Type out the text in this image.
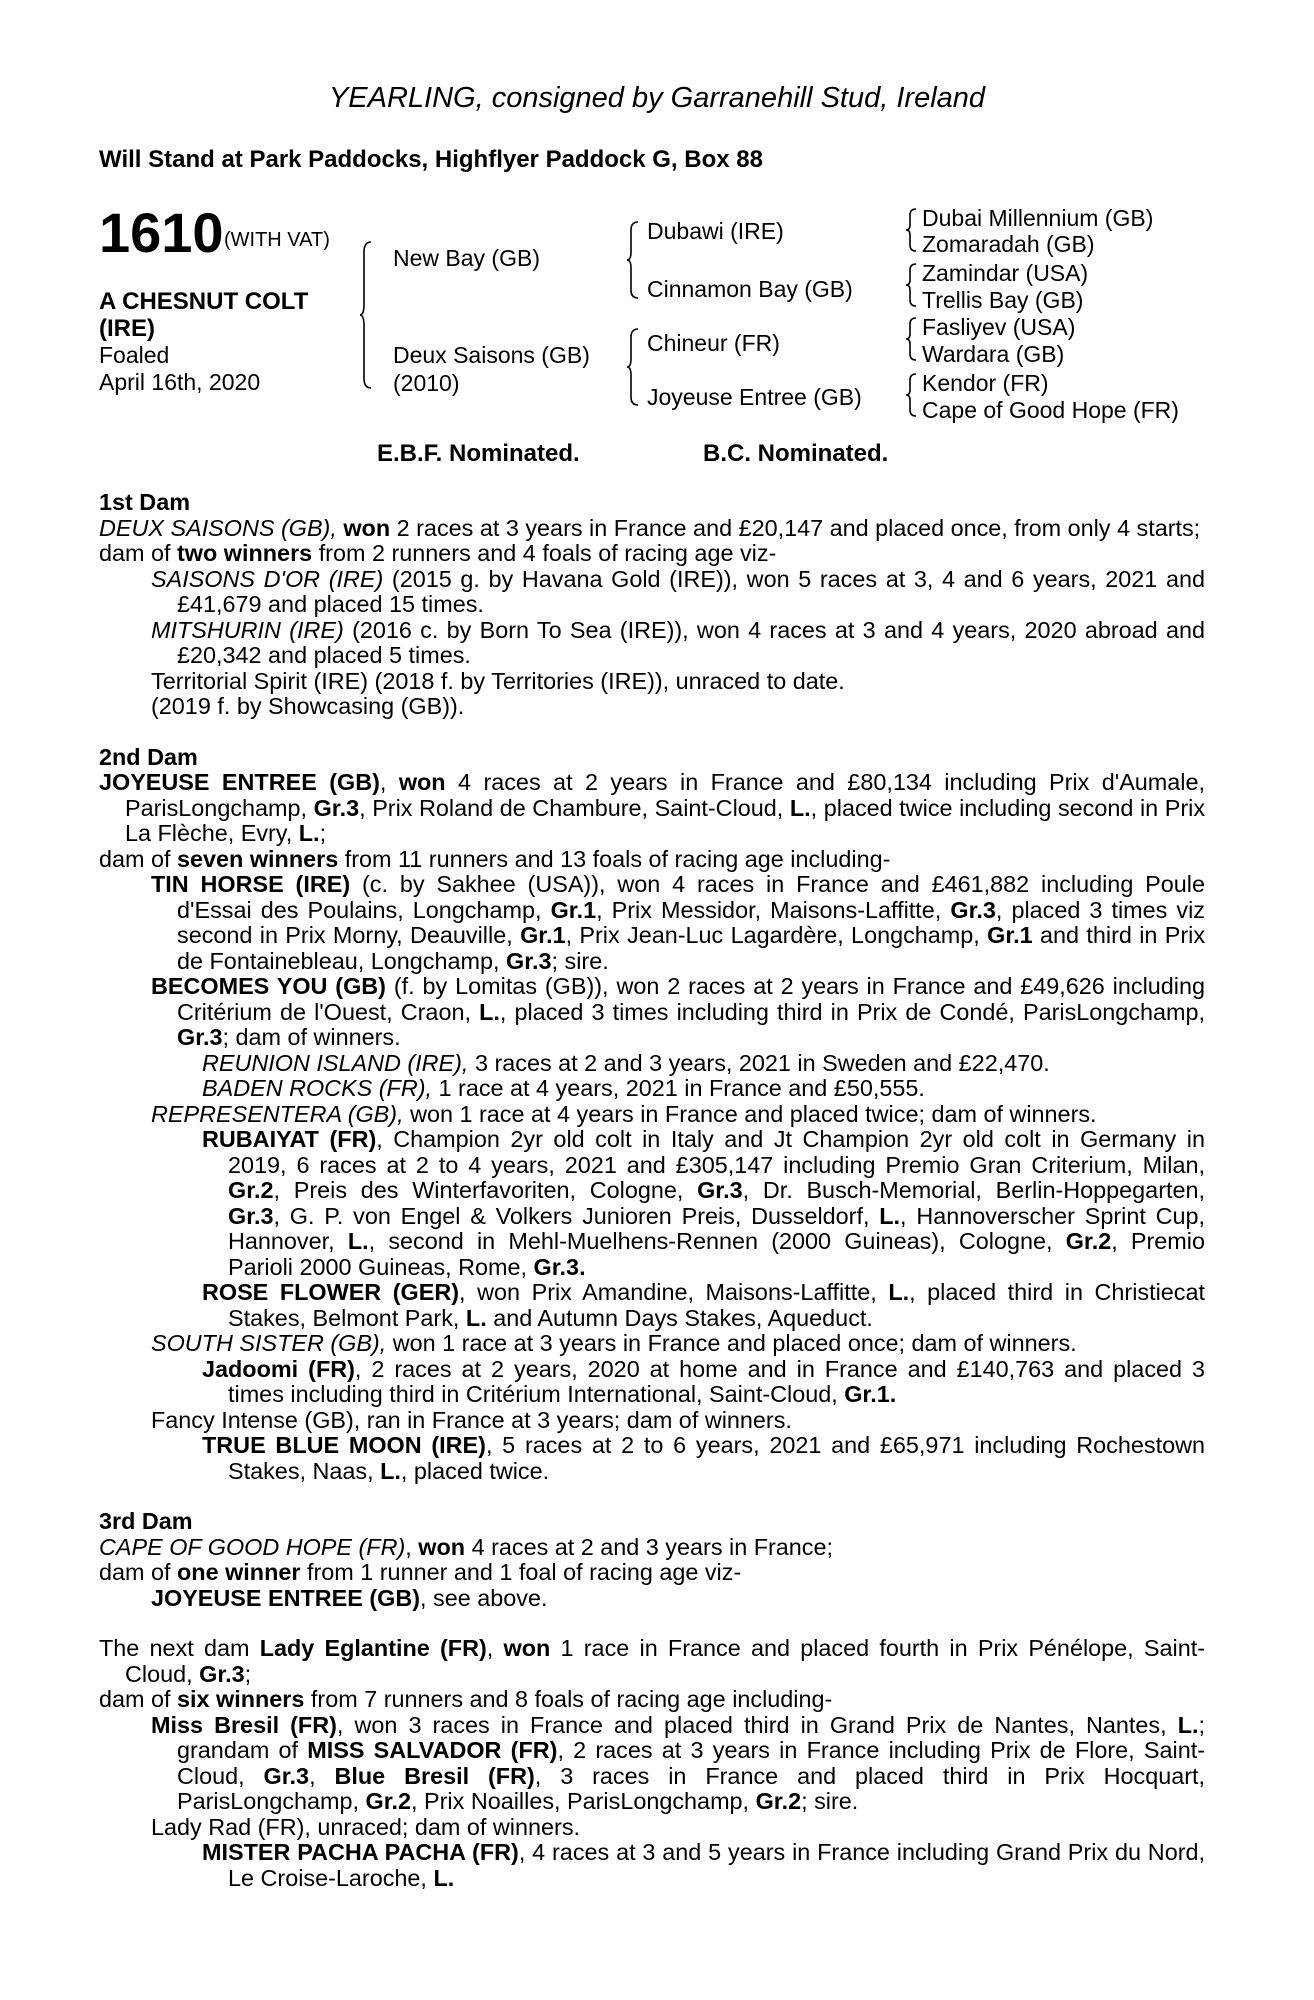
YEARLING, consigned by Garranehill Stud, Ireland
Will Stand at Park Paddocks, Highflyer Paddock G, Box 88
1610 (WITH VAT)
A CHESNUT COLT
(IRE)
Foaled
April 16th, 2020
New Bay (GB)
Deux Saisons (GB)
(2010)
Dubawi (IRE)
Cinnamon Bay (GB)
Chineur (FR)
Joyeuse Entree (GB)
Dubai Millennium (GB)
Zomaradah (GB)
Zamindar (USA)
Trellis Bay (GB)
Fasliyev (USA)
Wardara (GB)
Kendor (FR)
Cape of Good Hope (FR)
E.B.F. Nominated.	B.C. Nominated.
1st Dam

DEUX SAISONS (GB), won 2 races at 3 years in France and £20,147 and placed once, from only 4 starts;

dam of two winners from 2 runners and 4 foals of racing age viz-

SAISONS D'OR (IRE) (2015 g. by Havana Gold (IRE)), won 5 races at 3, 4 and 6 years, 2021 and £41,679 and placed 15 times.

MITSHURIN (IRE) (2016 c. by Born To Sea (IRE)), won 4 races at 3 and 4 years, 2020 abroad and £20,342 and placed 5 times.

Territorial Spirit (IRE) (2018 f. by Territories (IRE)), unraced to date.

(2019 f. by Showcasing (GB)).

2nd Dam

JOYEUSE ENTREE (GB), won 4 races at 2 years in France and £80,134 including Prix d'Aumale, ParisLongchamp, Gr.3, Prix Roland de Chambure, Saint-Cloud, L., placed twice including second in Prix La Flèche, Evry, L.;

dam of seven winners from 11 runners and 13 foals of racing age including-

TIN HORSE (IRE) (c. by Sakhee (USA)), won 4 races in France and £461,882 including Poule d'Essai des Poulains, Longchamp, Gr.1, Prix Messidor, Maisons-Laffitte, Gr.3, placed 3 times viz second in Prix Morny, Deauville, Gr.1, Prix Jean-Luc Lagardère, Longchamp, Gr.1 and third in Prix de Fontainebleau, Longchamp, Gr.3; sire.

BECOMES YOU (GB) (f. by Lomitas (GB)), won 2 races at 2 years in France and £49,626 including Critérium de l'Ouest, Craon, L., placed 3 times including third in Prix de Condé, ParisLongchamp, Gr.3; dam of winners.

REUNION ISLAND (IRE), 3 races at 2 and 3 years, 2021 in Sweden and £22,470.

BADEN ROCKS (FR), 1 race at 4 years, 2021 in France and £50,555.

REPRESENTERA (GB), won 1 race at 4 years in France and placed twice; dam of winners.

RUBAIYAT (FR), Champion 2yr old colt in Italy and Jt Champion 2yr old colt in Germany in 2019, 6 races at 2 to 4 years, 2021 and £305,147 including Premio Gran Criterium, Milan, Gr.2, Preis des Winterfavoriten, Cologne, Gr.3, Dr. Busch-Memorial, Berlin-Hoppegarten, Gr.3, G. P. von Engel & Volkers Junioren Preis, Dusseldorf, L., Hannoverscher Sprint Cup, Hannover, L., second in Mehl-Muelhens-Rennen (2000 Guineas), Cologne, Gr.2, Premio Parioli 2000 Guineas, Rome, Gr.3.

ROSE FLOWER (GER), won Prix Amandine, Maisons-Laffitte, L., placed third in Christiecat Stakes, Belmont Park, L. and Autumn Days Stakes, Aqueduct.

SOUTH SISTER (GB), won 1 race at 3 years in France and placed once; dam of winners.

Jadoomi (FR), 2 races at 2 years, 2020 at home and in France and £140,763 and placed 3 times including third in Critérium International, Saint-Cloud, Gr.1.

Fancy Intense (GB), ran in France at 3 years; dam of winners.

TRUE BLUE MOON (IRE), 5 races at 2 to 6 years, 2021 and £65,971 including Rochestown Stakes, Naas, L., placed twice.

3rd Dam

CAPE OF GOOD HOPE (FR), won 4 races at 2 and 3 years in France;

dam of one winner from 1 runner and 1 foal of racing age viz-

JOYEUSE ENTREE (GB), see above.

The next dam Lady Eglantine (FR), won 1 race in France and placed fourth in Prix Pénélope, Saint-Cloud, Gr.3;

dam of six winners from 7 runners and 8 foals of racing age including-

Miss Bresil (FR), won 3 races in France and placed third in Grand Prix de Nantes, Nantes, L.; grandam of MISS SALVADOR (FR), 2 races at 3 years in France including Prix de Flore, Saint-Cloud, Gr.3, Blue Bresil (FR), 3 races in France and placed third in Prix Hocquart, ParisLongchamp, Gr.2, Prix Noailles, ParisLongchamp, Gr.2; sire.

Lady Rad (FR), unraced; dam of winners.

MISTER PACHA PACHA (FR), 4 races at 3 and 5 years in France including Grand Prix du Nord, Le Croise-Laroche, L.
